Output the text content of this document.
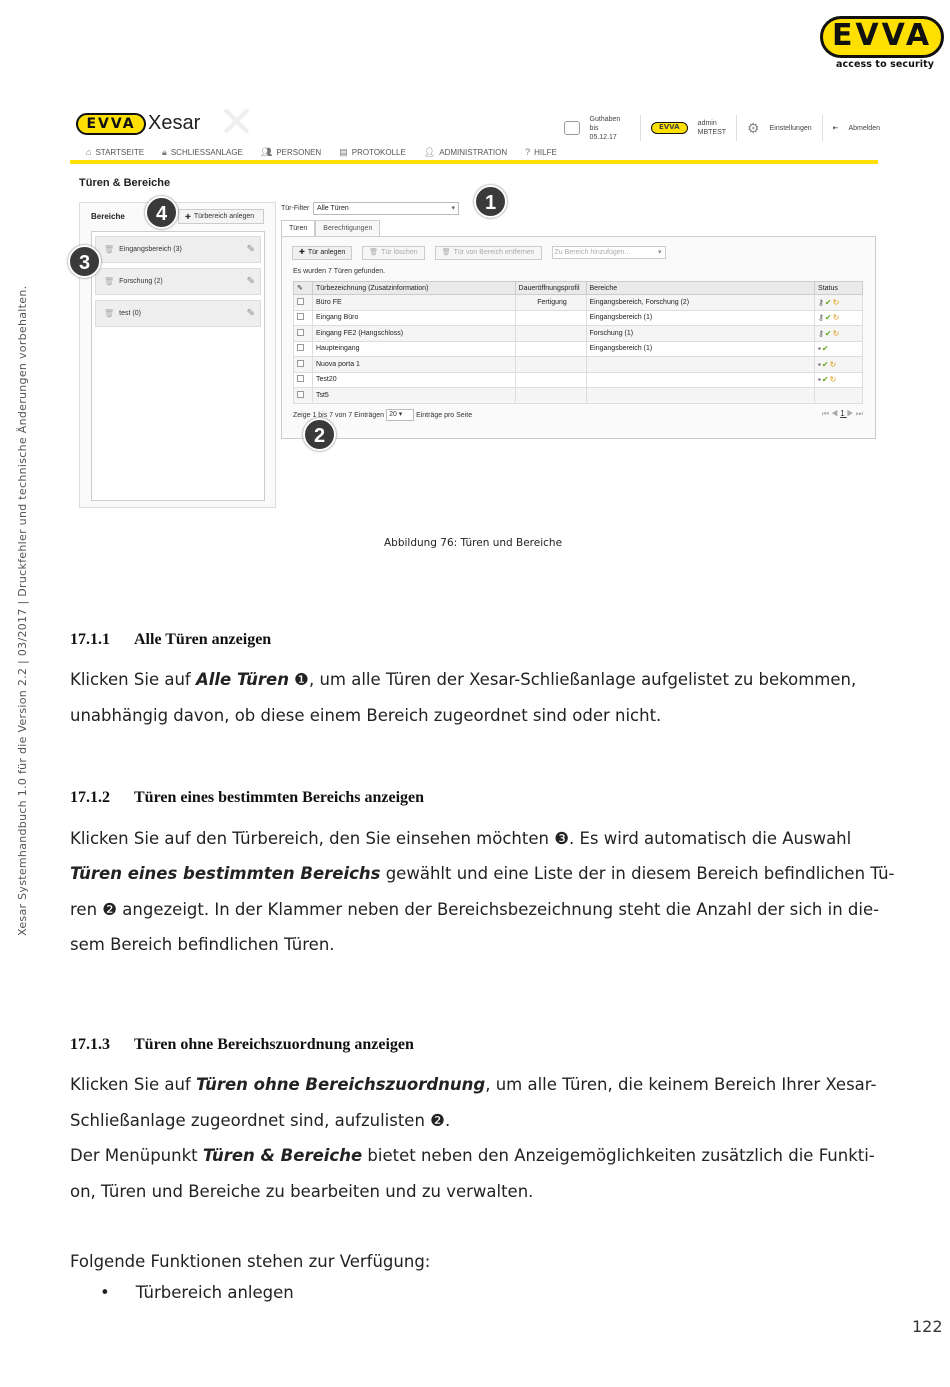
EVVA
access to security
Xesar Systemhandbuch 1.0 für die Version 2.2 | 03/2017 | Druckfehler und technische Änderungen vorbehalten.
EVVA Xesar ✕	Guthaben bis
05.12.17
EVVA	admin
MBTEST ⚙ Einstellungen	⇤ Abmelden
⌂ STARTSEITE 🔒︎ SCHLIESSANLAGE 👥︎ PERSONEN ▤ PROTOKOLLE 👤︎ ADMINISTRATION ? HILFE
Türen & Bereiche
Bereiche	✚ Türbereich anlegen
🗑︎ Eingangsbereich (3)	✎
🗑︎ Forschung (2)	✎
🗑︎ test (0)	✎
Tür-Filter	Alle Türen	▾
Türen	Berechtigungen
✚ Tür anlegen	🗑︎ Tür löschen	🗑︎ Tür von Bereich entfernen	Zu Bereich hinzufügen...	▾
Es wurden 7 Türen gefunden.
✎	Türbezeichnung (Zusatzinformation)	Daueröffnungsprofil	Bereiche	Status
	Büro FE	Fertigung	Eingangsbereich, Forschung (2)	⚷✔↻
	Eingang Büro		Eingangsbereich (1)	⚷✔↻
	Eingang FE2 (Hangschloss)		Forschung (1)	⚷✔↻
	Haupteingang		Eingangsbereich (1)	▪✔
	Nuova porta 1			▪✔↻
	Test20			▪✔↻
	Tst5			
Zeige 1 bis 7 von 7 Einträgen 20 ▾	Einträge pro Seite	⏮◀1▶⏭
1
2
3
4
Abbildung 76: Türen und Bereiche
17.1.1 Alle Türen anzeigen
Klicken Sie auf Alle Türen ❶, um alle Türen der Xesar-Schließanlage aufgelistet zu bekommen,
unabhängig davon, ob diese einem Bereich zugeordnet sind oder nicht.
17.1.2 Türen eines bestimmten Bereichs anzeigen
Klicken Sie auf den Türbereich, den Sie einsehen möchten ❸. Es wird automatisch die Auswahl
Türen eines bestimmten Bereichs gewählt und eine Liste der in diesem Bereich befindlichen Tü-
ren ❷ angezeigt. In der Klammer neben der Bereichsbezeichnung steht die Anzahl der sich in die-
sem Bereich befindlichen Türen.
17.1.3 Türen ohne Bereichszuordnung anzeigen
Klicken Sie auf Türen ohne Bereichszuordnung, um alle Türen, die keinem Bereich Ihrer Xesar-
Schließanlage zugeordnet sind, aufzulisten ❷.
Der Menüpunkt Türen & Bereiche bietet neben den Anzeigemöglichkeiten zusätzlich die Funkti-
on, Türen und Bereiche zu bearbeiten und zu verwalten.
Folgende Funktionen stehen zur Verfügung:
• Türbereich anlegen
122
